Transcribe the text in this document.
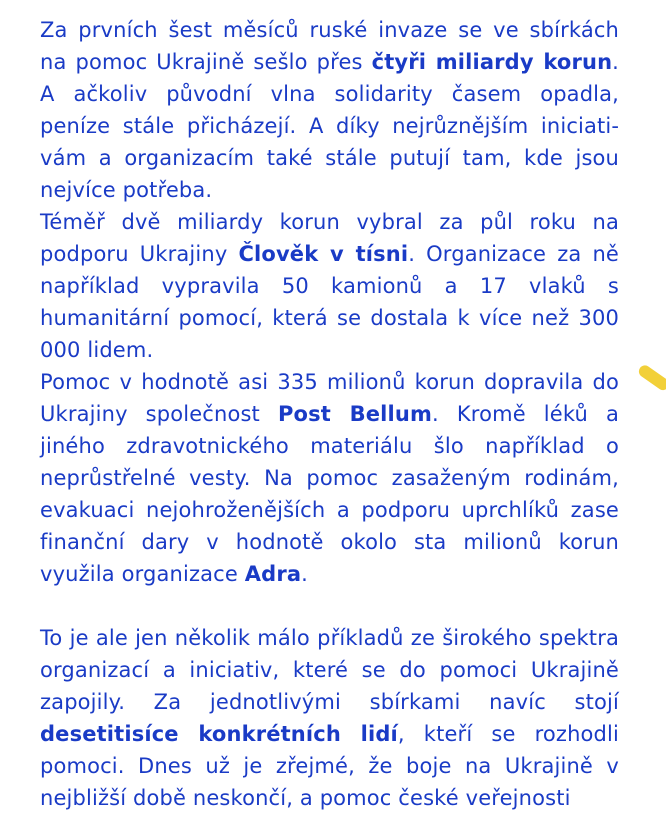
Za prvních šest měsíců ruské invaze se ve sbírkách na pomoc Ukrajině sešlo přes čtyři miliardy korun. A ačkoliv původní vlna solidarity časem opadla, peníze stále přicházejí. A díky nejrůznějším iniciativám a organizacím také stále putují tam, kde jsou nejvíce potřeba.

Téměř dvě miliardy korun vybral za půl roku na podporu Ukrajiny Člověk v tísni. Organizace za ně například vypravila 50 kamionů a 17 vlaků s humanitární pomocí, která se dostala k více než 300 000 lidem.

Pomoc v hodnotě asi 335 milionů korun dopravila do Ukrajiny společnost Post Bellum. Kromě léků a jiného zdravotnického materiálu šlo například o neprůstřelné vesty. Na pomoc zasaženým rodinám, evakuaci nejohroženějších a podporu uprchlíků zase finanční dary v hodnotě okolo sta milionů korun využila organizace Adra.

To je ale jen několik málo příkladů ze širokého spektra organizací a iniciativ, které se do pomoci Ukrajině zapojily. Za jednotlivými sbírkami navíc stojí desetitisíce konkrétních lidí, kteří se rozhodli pomoci. Dnes už je zřejmé, že boje na Ukrajině v nejbližší době neskončí, a pomoc české veřejnosti
